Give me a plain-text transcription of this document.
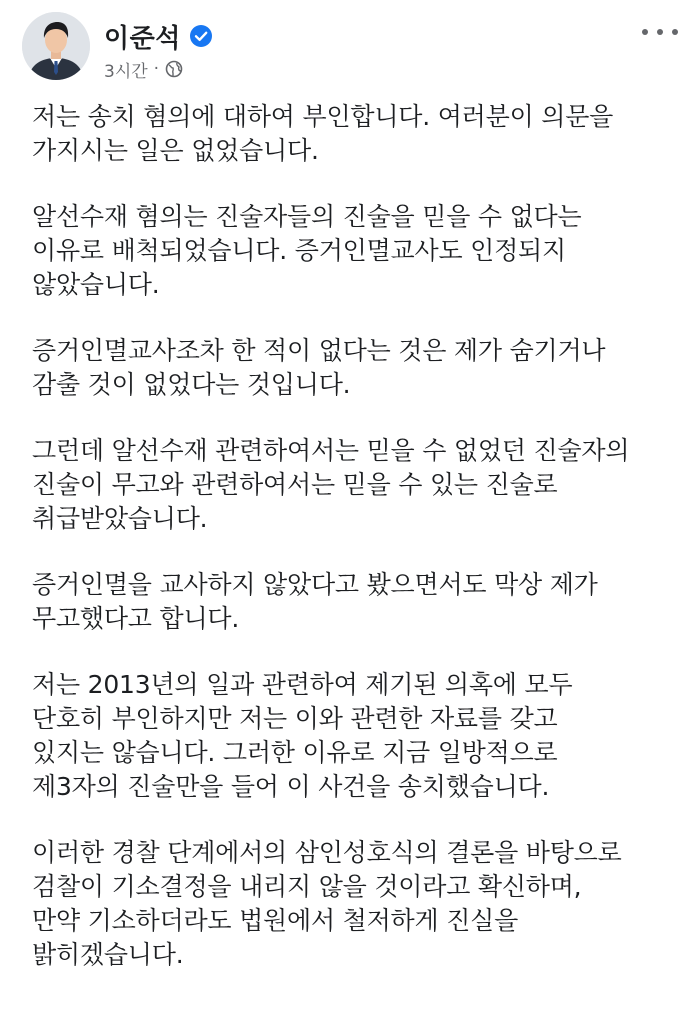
이준석
3시간 ·

저는 송치 혐의에 대하여 부인합니다. 여러분이 의문을
가지시는 일은 없었습니다.

알선수재 혐의는 진술자들의 진술을 믿을 수 없다는
이유로 배척되었습니다. 증거인멸교사도 인정되지
않았습니다.

증거인멸교사조차 한 적이 없다는 것은 제가 숨기거나
감출 것이 없었다는 것입니다.

그런데 알선수재 관련하여서는 믿을 수 없었던 진술자의
진술이 무고와 관련하여서는 믿을 수 있는 진술로
취급받았습니다.

증거인멸을 교사하지 않았다고 봤으면서도 막상 제가
무고했다고 합니다.

저는 2013년의 일과 관련하여 제기된 의혹에 모두
단호히 부인하지만 저는 이와 관련한 자료를 갖고
있지는 않습니다. 그러한 이유로 지금 일방적으로
제3자의 진술만을 들어 이 사건을 송치했습니다.

이러한 경찰 단계에서의 삼인성호식의 결론을 바탕으로
검찰이 기소결정을 내리지 않을 것이라고 확신하며,
만약 기소하더라도 법원에서 철저하게 진실을
밝히겠습니다.
